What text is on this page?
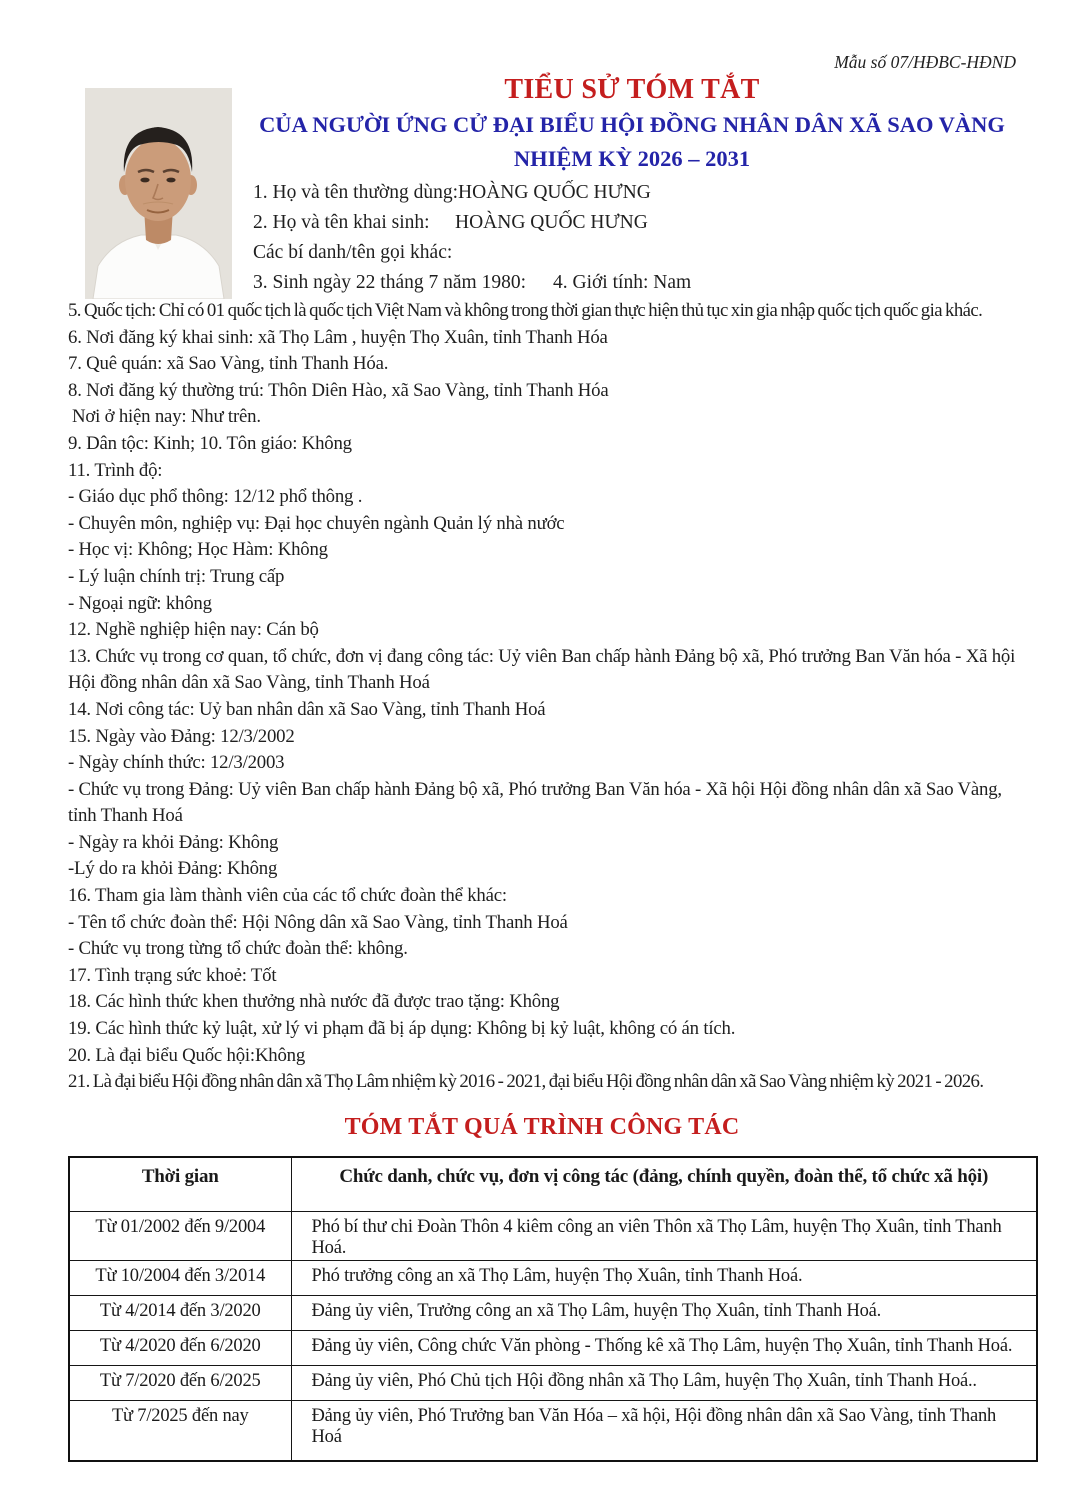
Mẫu số 07/HĐBC-HĐND
TIỂU SỬ TÓM TẮT
CỦA NGƯỜI ỨNG CỬ ĐẠI BIỂU HỘI ĐỒNG NHÂN DÂN XÃ SAO VÀNG
NHIỆM KỲ 2026 – 2031
1. Họ và tên thường dùng:HOÀNG QUỐC HƯNG
2. Họ và tên khai sinh: HOÀNG QUỐC HƯNG
Các bí danh/tên gọi khác:
3. Sinh ngày 22 tháng 7 năm 1980: 4. Giới tính: Nam

5. Quốc tịch: Chỉ có 01 quốc tịch là quốc tịch Việt Nam và không trong thời gian thực hiện thủ tục xin gia nhập quốc tịch quốc gia khác.

6. Nơi đăng ký khai sinh: xã Thọ Lâm , huyện Thọ Xuân, tỉnh Thanh Hóa

7. Quê quán: xã Sao Vàng, tỉnh Thanh Hóa.

8. Nơi đăng ký thường trú: Thôn Diên Hào, xã Sao Vàng, tỉnh Thanh Hóa

Nơi ở hiện nay: Như trên.

9. Dân tộc: Kinh; 10. Tôn giáo: Không

11. Trình độ:

- Giáo dục phổ thông: 12/12 phổ thông .

- Chuyên môn, nghiệp vụ: Đại học chuyên ngành Quản lý nhà nước

- Học vị: Không; Học Hàm: Không

- Lý luận chính trị: Trung cấp

- Ngoại ngữ: không

12. Nghề nghiệp hiện nay: Cán bộ

13. Chức vụ trong cơ quan, tổ chức, đơn vị đang công tác: Uỷ viên Ban chấp hành Đảng bộ xã, Phó trưởng Ban Văn hóa - Xã hội Hội đồng nhân dân xã Sao Vàng, tỉnh Thanh Hoá

14. Nơi công tác: Uỷ ban nhân dân xã Sao Vàng, tỉnh Thanh Hoá

15. Ngày vào Đảng: 12/3/2002

- Ngày chính thức: 12/3/2003

- Chức vụ trong Đảng: Uỷ viên Ban chấp hành Đảng bộ xã, Phó trưởng Ban Văn hóa - Xã hội Hội đồng nhân dân xã Sao Vàng, tỉnh Thanh Hoá

- Ngày ra khỏi Đảng: Không

-Lý do ra khỏi Đảng: Không

16. Tham gia làm thành viên của các tổ chức đoàn thể khác:

- Tên tổ chức đoàn thể: Hội Nông dân xã Sao Vàng, tỉnh Thanh Hoá

- Chức vụ trong từng tổ chức đoàn thể: không.

17. Tình trạng sức khoẻ: Tốt

18. Các hình thức khen thưởng nhà nước đã được trao tặng: Không

19. Các hình thức kỷ luật, xử lý vi phạm đã bị áp dụng: Không bị kỷ luật, không có án tích.

20. Là đại biểu Quốc hội:Không

21. Là đại biểu Hội đồng nhân dân xã Thọ Lâm nhiệm kỳ 2016 - 2021, đại biểu Hội đồng nhân dân xã Sao Vàng nhiệm kỳ 2021 - 2026.

TÓM TẮT QUÁ TRÌNH CÔNG TÁC
Thời gian	Chức danh, chức vụ, đơn vị công tác (đảng, chính quyền, đoàn thể, tổ chức xã hội)
Từ 01/2002 đến 9/2004	Phó bí thư chi Đoàn Thôn 4 kiêm công an viên Thôn xã Thọ Lâm, huyện Thọ Xuân, tỉnh Thanh Hoá.
Từ 10/2004 đến 3/2014	Phó trưởng công an xã Thọ Lâm, huyện Thọ Xuân, tỉnh Thanh Hoá.
Từ 4/2014 đến 3/2020	Đảng ủy viên, Trưởng công an xã Thọ Lâm, huyện Thọ Xuân, tỉnh Thanh Hoá.
Từ 4/2020 đến 6/2020	Đảng ủy viên, Công chức Văn phòng - Thống kê xã Thọ Lâm, huyện Thọ Xuân, tỉnh Thanh Hoá.
Từ 7/2020 đến 6/2025	Đảng ủy viên, Phó Chủ tịch Hội đồng nhân xã Thọ Lâm, huyện Thọ Xuân, tỉnh Thanh Hoá..
Từ 7/2025 đến nay	Đảng ủy viên, Phó Trưởng ban Văn Hóa – xã hội, Hội đồng nhân dân xã Sao Vàng, tỉnh Thanh Hoá
